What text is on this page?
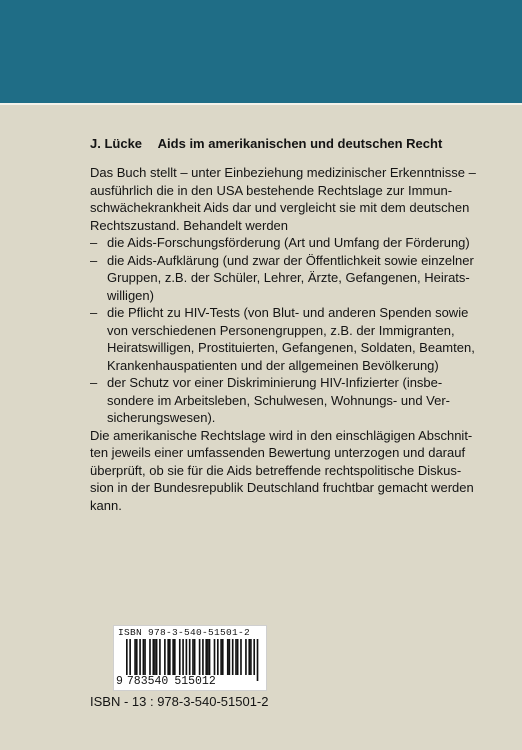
J. Lücke Aids im amerikanischen und deutschen Recht

Das Buch stellt – unter Einbeziehung medizinischer Erkenntnisse –
ausführlich die in den USA bestehende Rechtslage zur Immun-
schwächekrankheit Aids dar und vergleicht sie mit dem deutschen
Rechtszustand. Behandelt werden

– die Aids-Forschungsförderung (Art und Umfang der Förderung)
– die Aids-Aufklärung (und zwar der Öffentlichkeit sowie einzelner
Gruppen, z.B. der Schüler, Lehrer, Ärzte, Gefangenen, Heirats-
willigen)
– die Pflicht zu HIV-Tests (von Blut- und anderen Spenden sowie
von verschiedenen Personengruppen, z.B. der Immigranten,
Heiratswilligen, Prostituierten, Gefangenen, Soldaten, Beamten,
Krankenhauspatienten und der allgemeinen Bevölkerung)
– der Schutz vor einer Diskriminierung HIV-Infizierter (insbe-
sondere im Arbeitsleben, Schulwesen, Wohnungs- und Ver-
sicherungswesen).

Die amerikanische Rechtslage wird in den einschlägigen Abschnit-
ten jeweils einer umfassenden Bewertung unterzogen und darauf
überprüft, ob sie für die Aids betreffende rechtspolitische Diskus-
sion in der Bundesrepublik Deutschland fruchtbar gemacht werden
kann.

ISBN 978-3-540-51501-2
9 783540 515012
ISBN - 13 : 978-3-540-51501-2
